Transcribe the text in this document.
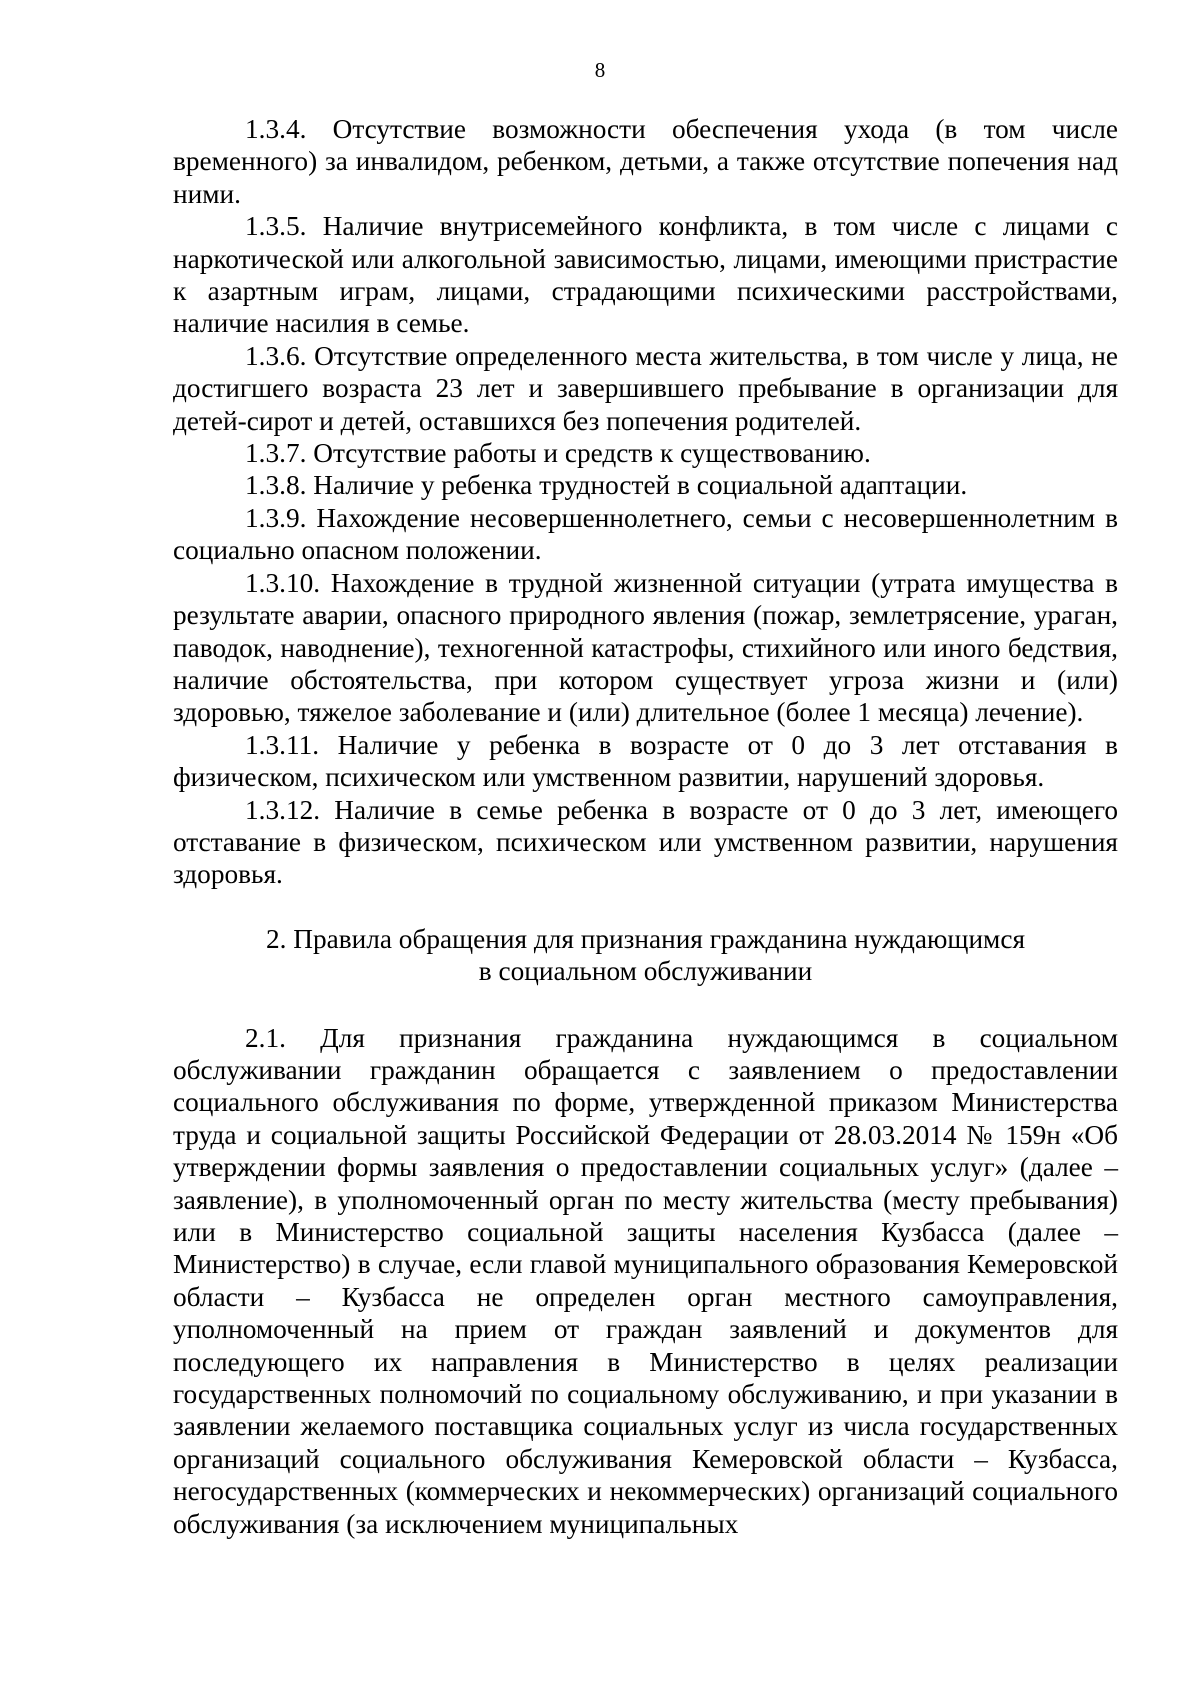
8

1.3.4. Отсутствие возможности обеспечения ухода (в том числе временного) за инвалидом, ребенком, детьми, а также отсутствие попечения над ними.

1.3.5. Наличие внутрисемейного конфликта, в том числе с лицами с наркотической или алкогольной зависимостью, лицами, имеющими пристрастие к азартным играм, лицами, страдающими психическими расстройствами, наличие насилия в семье.

1.3.6. Отсутствие определенного места жительства, в том числе у лица, не достигшего возраста 23 лет и завершившего пребывание в организации для детей-сирот и детей, оставшихся без попечения родителей.

1.3.7. Отсутствие работы и средств к существованию.

1.3.8. Наличие у ребенка трудностей в социальной адаптации.

1.3.9. Нахождение несовершеннолетнего, семьи с несовершеннолетним в социально опасном положении.

1.3.10. Нахождение в трудной жизненной ситуации (утрата имущества в результате аварии, опасного природного явления (пожар, землетрясение, ураган, паводок, наводнение), техногенной катастрофы, стихийного или иного бедствия, наличие обстоятельства, при котором существует угроза жизни и (или) здоровью, тяжелое заболевание и (или) длительное (более 1 месяца) лечение).

1.3.11. Наличие у ребенка в возрасте от 0 до 3 лет отставания в физическом, психическом или умственном развитии, нарушений здоровья.

1.3.12. Наличие в семье ребенка в возрасте от 0 до 3 лет, имеющего отставание в физическом, психическом или умственном развитии, нарушения здоровья.

2. Правила обращения для признания гражданина нуждающимся
в социальном обслуживании

2.1. Для признания гражданина нуждающимся в социальном обслуживании гражданин обращается с заявлением о предоставлении социального обслуживания по форме, утвержденной приказом Министерства труда и социальной защиты Российской Федерации от 28.03.2014 № 159н «Об утверждении формы заявления о предоставлении социальных услуг» (далее – заявление), в уполномоченный орган по месту жительства (месту пребывания) или в Министерство социальной защиты населения Кузбасса (далее – Министерство) в случае, если главой муниципального образования Кемеровской области – Кузбасса не определен орган местного самоуправления, уполномоченный на прием от граждан заявлений и документов для последующего их направления в Министерство в целях реализации государственных полномочий по социальному обслуживанию, и при указании в заявлении желаемого поставщика социальных услуг из числа государственных организаций социального обслуживания Кемеровской области – Кузбасса, негосударственных (коммерческих и некоммерческих) организаций социального обслуживания (за исключением муниципальных
